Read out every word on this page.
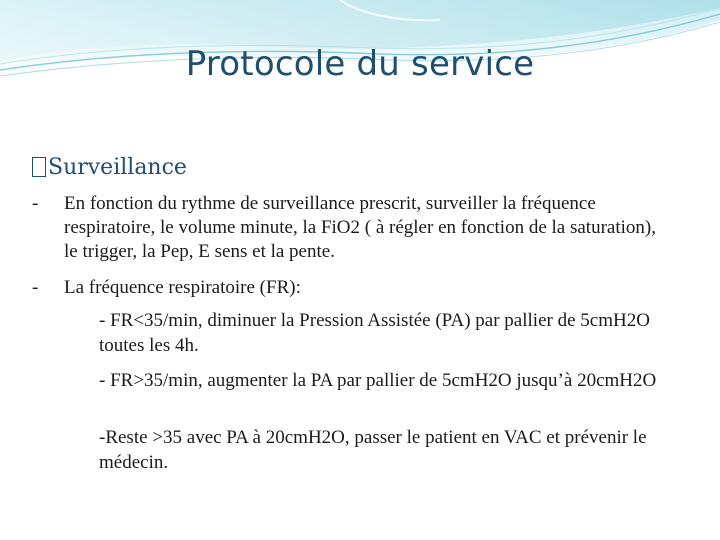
Protocole du service
Surveillance
- En fonction du rythme de surveillance prescrit, surveiller la fréquence respiratoire, le volume minute, la FiO2 ( à régler en fonction de la saturation), le trigger, la Pep, E sens et la pente.
- La fréquence respiratoire (FR):
- FR<35/min, diminuer la Pression Assistée (PA) par pallier de 5cmH2O toutes les 4h.
- FR>35/min, augmenter la PA par pallier de 5cmH2O jusqu’à 20cmH2O
-Reste >35 avec PA à 20cmH2O, passer le patient en VAC et prévenir le médecin.
